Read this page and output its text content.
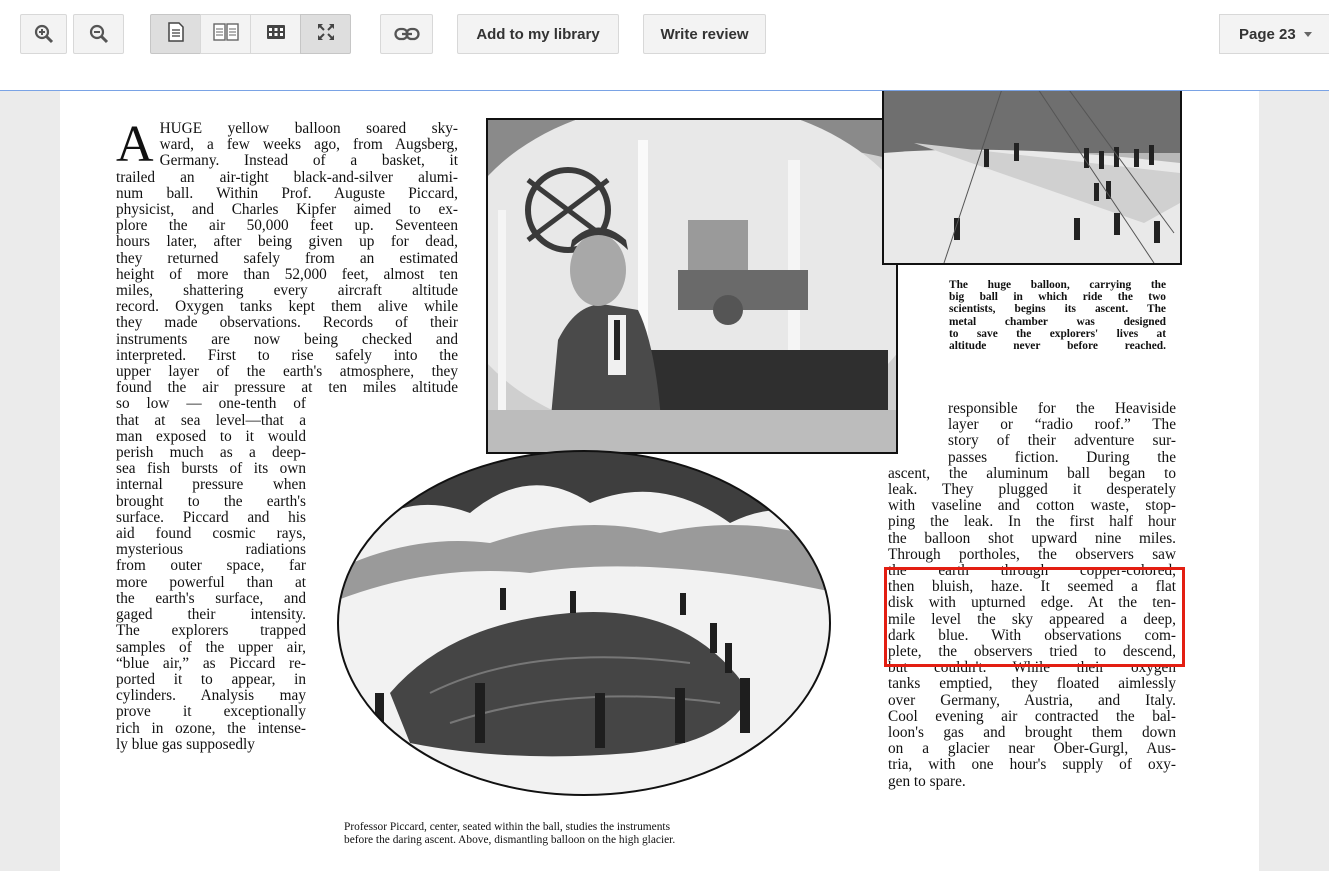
Add to my library	Write review	Page 23
A HUGE yellow balloon soared sky-
ward, a few weeks ago, from Augsberg,
Germany. Instead of a basket, it
trailed an air-tight black-and-silver alumi-
num ball. Within Prof. Auguste Piccard,
physicist, and Charles Kipfer aimed to ex-
plore the air 50,000 feet up. Seventeen
hours later, after being given up for dead,
they returned safely from an estimated
height of more than 52,000 feet, almost ten
miles, shattering every aircraft altitude
record. Oxygen tanks kept them alive while
they made observations. Records of their
instruments are now being checked and
interpreted. First to rise safely into the
upper layer of the earth's atmosphere, they
found the air pressure at ten miles altitude
so low — one-tenth of
that at sea level—that a
man exposed to it would
perish much as a deep-
sea fish bursts of its own
internal pressure when
brought to the earth's
surface. Piccard and his
aid found cosmic rays,
mysterious radiations
from outer space, far
more powerful than at
the earth's surface, and
gaged their intensity.
The explorers trapped
samples of the upper air,
“blue air,” as Piccard re-
ported it to appear, in
cylinders. Analysis may
prove it exceptionally
rich in ozone, the intense-
ly blue gas supposedly
The huge balloon, carrying the
big ball in which ride the two
scientists, begins its ascent. The
metal chamber was designed
to save the explorers' lives at
altitude never before reached.
Professor Piccard, center, seated within the ball, studies the instruments
before the daring ascent. Above, dismantling balloon on the high glacier.
responsible for the Heaviside
layer or “radio roof.” The
story of their adventure sur-
passes fiction. During the
ascent, the aluminum ball began to
leak. They plugged it desperately
with vaseline and cotton waste, stop-
ping the leak. In the first half hour
the balloon shot upward nine miles.
Through portholes, the observers saw
the earth through copper-colored,
then bluish, haze. It seemed a flat
disk with upturned edge. At the ten-
mile level the sky appeared a deep,
dark blue. With observations com-
plete, the observers tried to descend,
but couldn't. While their oxygen
tanks emptied, they floated aimlessly
over Germany, Austria, and Italy.
Cool evening air contracted the bal-
loon's gas and brought them down
on a glacier near Ober-Gurgl, Aus-
tria, with one hour's supply of oxy-
gen to spare.
